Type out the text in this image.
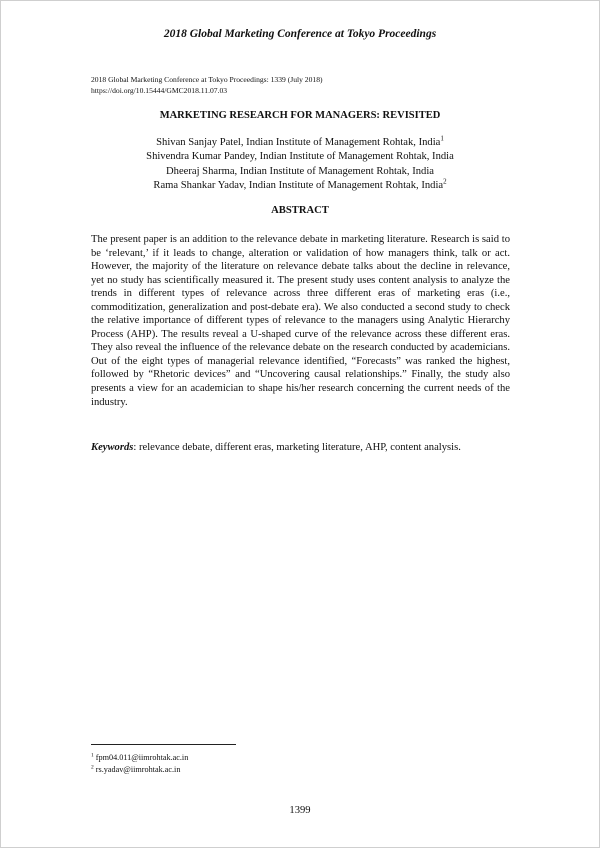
2018 Global Marketing Conference at Tokyo Proceedings
2018 Global Marketing Conference at Tokyo Proceedings: 1339 (July 2018)
https://doi.org/10.15444/GMC2018.11.07.03
MARKETING RESEARCH FOR MANAGERS: REVISITED
Shivan Sanjay Patel, Indian Institute of Management Rohtak, India$^1$
Shivendra Kumar Pandey, Indian Institute of Management Rohtak, India
Dheeraj Sharma, Indian Institute of Management Rohtak, India
Rama Shankar Yadav, Indian Institute of Management Rohtak, India$^2$
ABSTRACT

The present paper is an addition to the relevance debate in marketing literature. Research is said to be ‘relevant,’ if it leads to change, alteration or validation of how managers think, talk or act. However, the majority of the literature on relevance debate talks about the decline in relevance, yet no study has scientifically measured it. The present study uses content analysis to analyze the trends in different types of relevance across three different eras of marketing eras (i.e., commoditization, generalization and post-debate era). We also conducted a second study to check the relative importance of different types of relevance to the managers using Analytic Hierarchy Process (AHP). The results reveal a U-shaped curve of the relevance across these different eras. They also reveal the influence of the relevance debate on the research conducted by academicians. Out of the eight types of managerial relevance identified, “Forecasts” was ranked the highest, followed by “Rhetoric devices” and “Uncovering causal relationships.” Finally, the study also presents a view for an academician to shape his/her research concerning the current needs of the industry.

Keywords: relevance debate, different eras, marketing literature, AHP, content analysis.

$^1$ fpm04.011@iimrohtak.ac.in
$^2$ rs.yadav@iimrohtak.ac.in
1399
